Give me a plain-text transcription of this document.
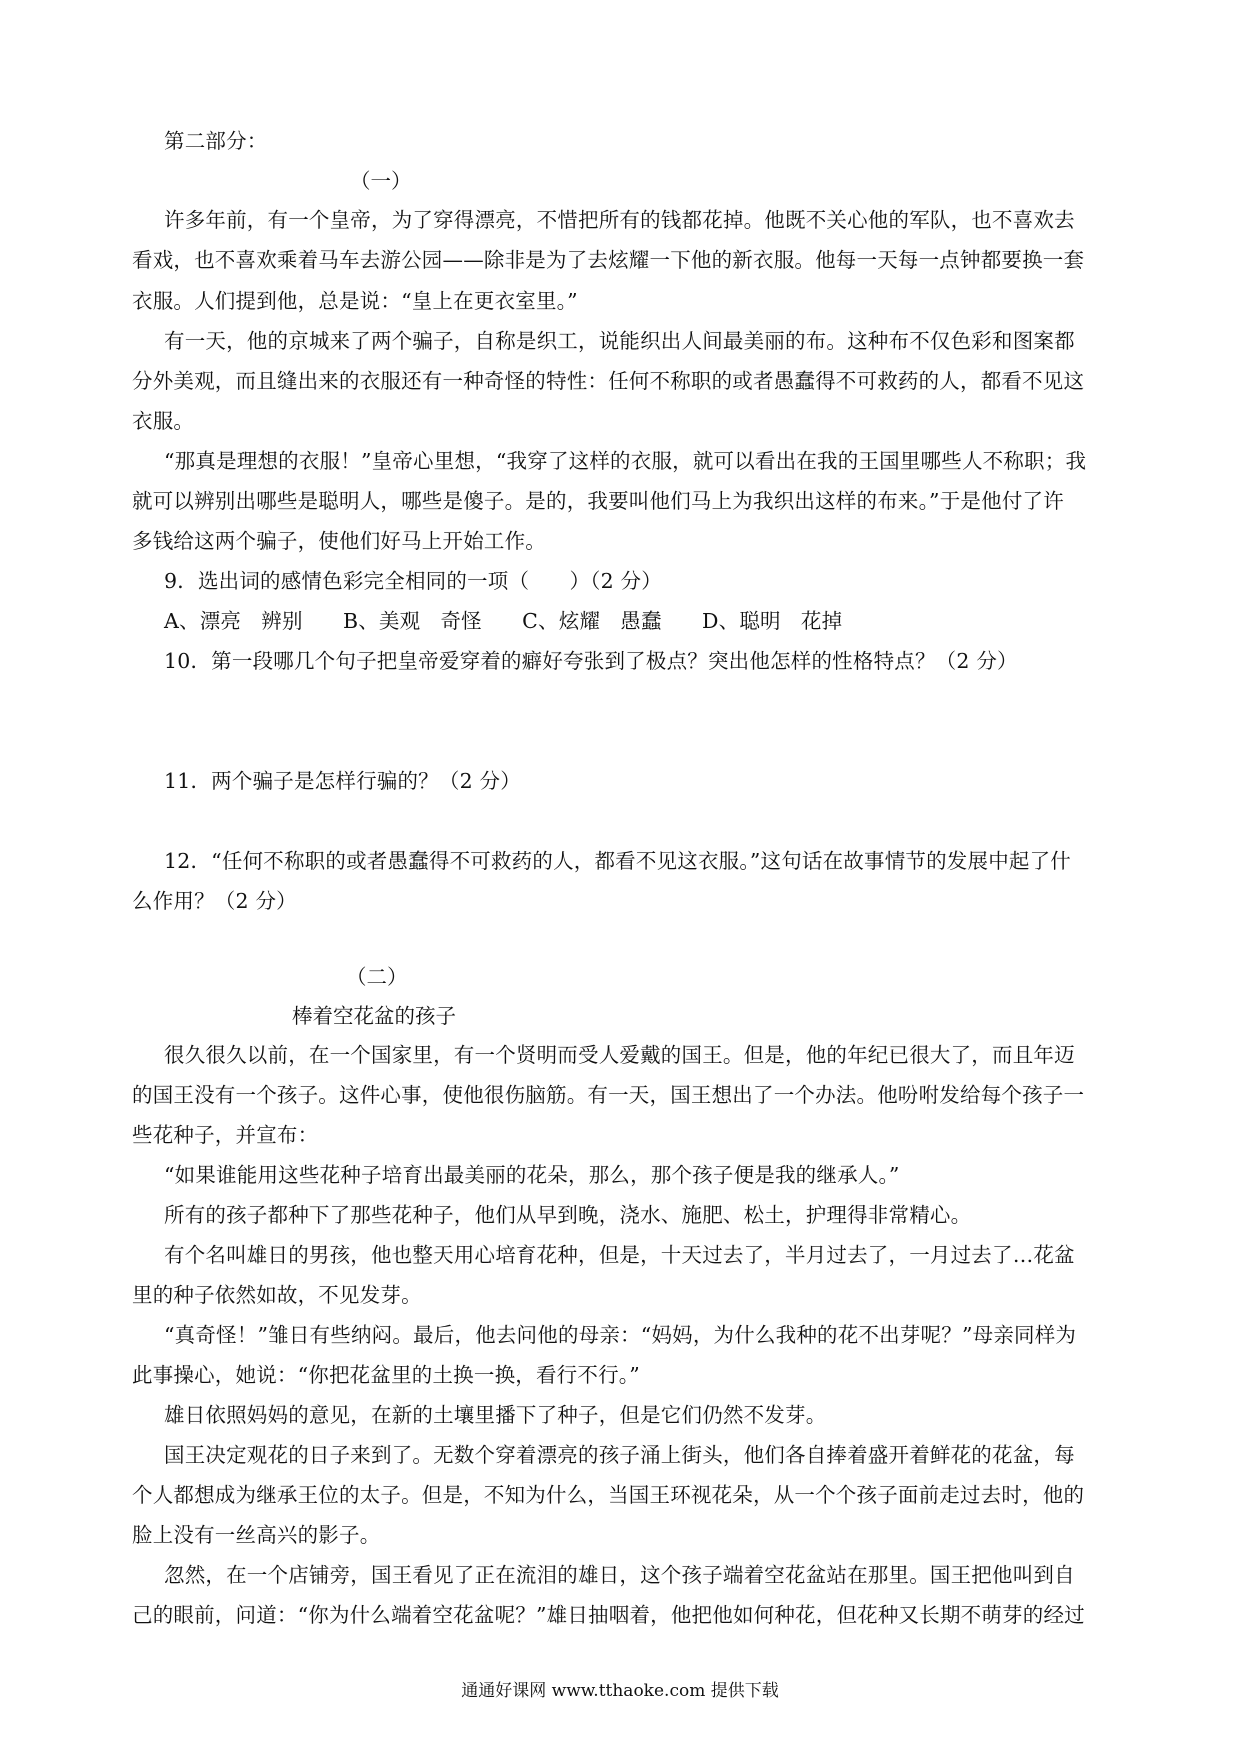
第二部分：
（一）
许多年前，有一个皇帝，为了穿得漂亮，不惜把所有的钱都花掉。他既不关心他的军队，也不喜欢去
看戏，也不喜欢乘着马车去游公园——除非是为了去炫耀一下他的新衣服。他每一天每一点钟都要换一套
衣服。人们提到他，总是说：“皇上在更衣室里。”
有一天，他的京城来了两个骗子，自称是织工，说能织出人间最美丽的布。这种布不仅色彩和图案都
分外美观，而且缝出来的衣服还有一种奇怪的特性：任何不称职的或者愚蠢得不可救药的人，都看不见这
衣服。
“那真是理想的衣服！”皇帝心里想，“我穿了这样的衣服，就可以看出在我的王国里哪些人不称职；我
就可以辨别出哪些是聪明人，哪些是傻子。是的，我要叫他们马上为我织出这样的布来。”于是他付了许
多钱给这两个骗子，使他们好马上开始工作。
9．选出词的感情色彩完全相同的一项（      ）（2 分）
A、漂亮   辨别      B、美观   奇怪      C、炫耀   愚蠢      D、聪明   花掉
10．第一段哪几个句子把皇帝爱穿着的癖好夸张到了极点？突出他怎样的性格特点？（2 分）
11．两个骗子是怎样行骗的？（2 分）
12．“任何不称职的或者愚蠢得不可救药的人，都看不见这衣服。”这句话在故事情节的发展中起了什
么作用？（2 分）
（二）
棒着空花盆的孩子
很久很久以前，在一个国家里，有一个贤明而受人爱戴的国王。但是，他的年纪已很大了，而且年迈
的国王没有一个孩子。这件心事，使他很伤脑筋。有一天，国王想出了一个办法。他吩咐发给每个孩子一
些花种子，并宣布：
“如果谁能用这些花种子培育出最美丽的花朵，那么，那个孩子便是我的继承人。”
所有的孩子都种下了那些花种子，他们从早到晚，浇水、施肥、松土，护理得非常精心。
有个名叫雄日的男孩，他也整天用心培育花种，但是，十天过去了，半月过去了，一月过去了…花盆
里的种子依然如故，不见发芽。
“真奇怪！”雏日有些纳闷。最后，他去问他的母亲：“妈妈，为什么我种的花不出芽呢？”母亲同样为
此事操心，她说：“你把花盆里的土换一换，看行不行。”
雄日依照妈妈的意见，在新的土壤里播下了种子，但是它们仍然不发芽。
国王决定观花的日子来到了。无数个穿着漂亮的孩子涌上街头，他们各自捧着盛开着鲜花的花盆，每
个人都想成为继承王位的太子。但是，不知为什么，当国王环视花朵，从一个个孩子面前走过去时，他的
脸上没有一丝高兴的影子。
忽然，在一个店铺旁，国王看见了正在流泪的雄日，这个孩子端着空花盆站在那里。国王把他叫到自
己的眼前，问道：“你为什么端着空花盆呢？”雄日抽咽着，他把他如何种花，但花种又长期不萌芽的经过
通通好课网 www.tthaoke.com 提供下载
